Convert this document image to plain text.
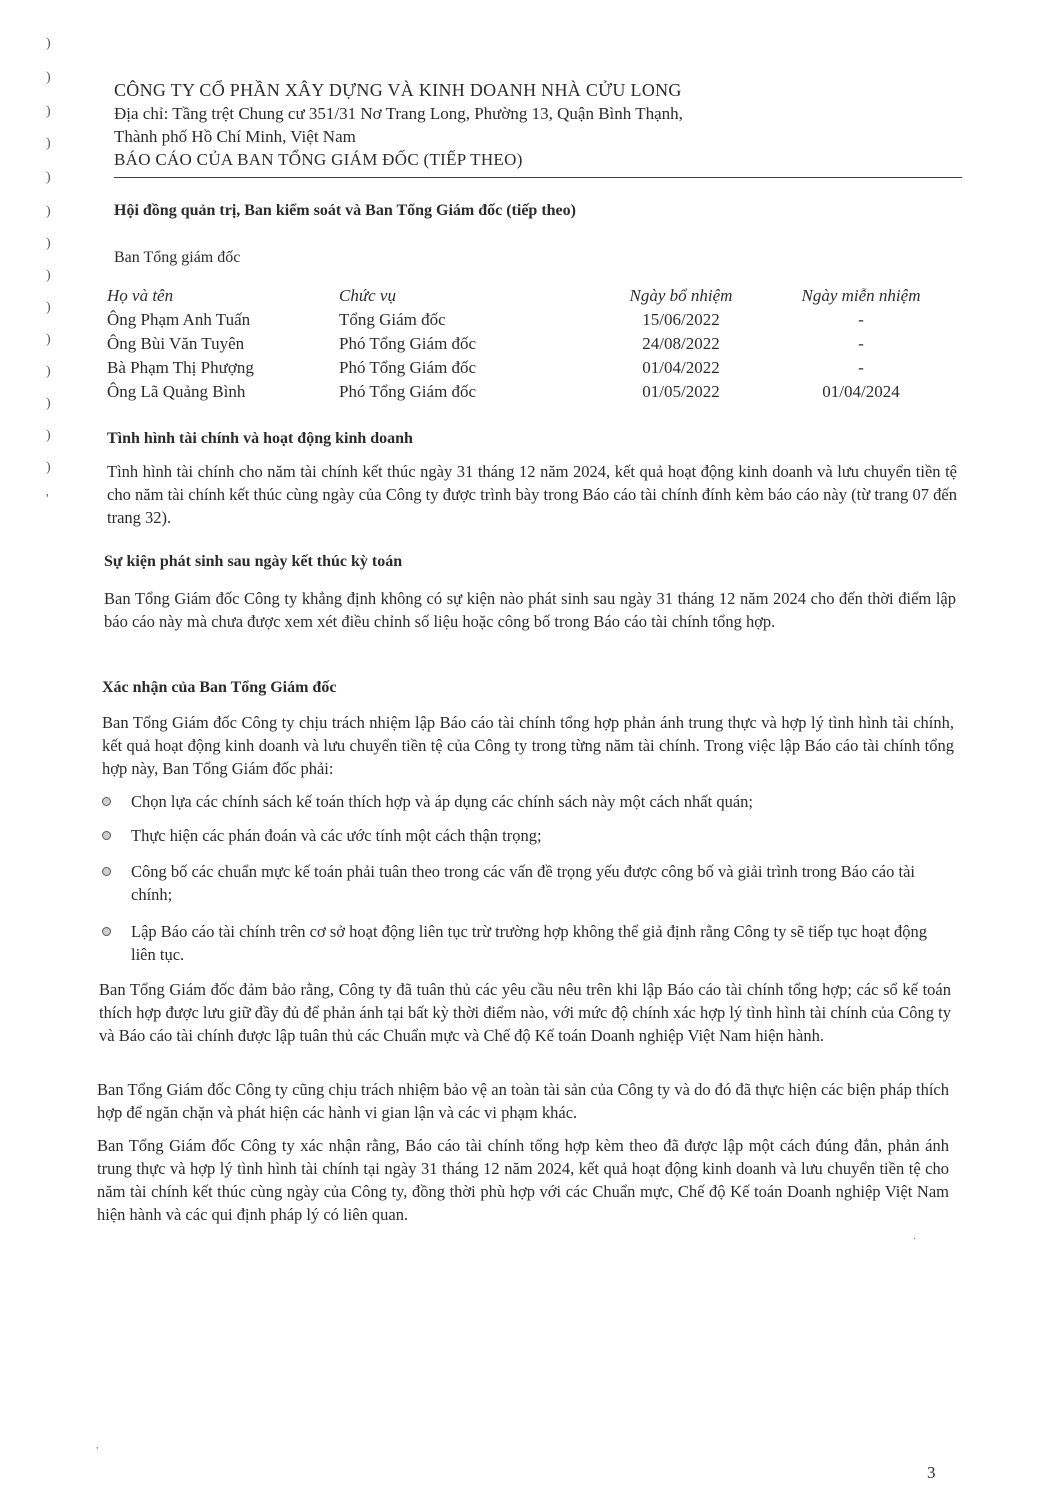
)
)
)
)
)
)
)
)
)
)
)
)
)
)
'
CÔNG TY CỔ PHẦN XÂY DỰNG VÀ KINH DOANH NHÀ CỬU LONG
Địa chỉ: Tầng trệt Chung cư 351/31 Nơ Trang Long, Phường 13, Quận Bình Thạnh,
Thành phố Hồ Chí Minh, Việt Nam
BÁO CÁO CỦA BAN TỔNG GIÁM ĐỐC (TIẾP THEO)
Hội đồng quản trị, Ban kiểm soát và Ban Tổng Giám đốc (tiếp theo)
Ban Tổng giám đốc
Họ và tên	Chức vụ	Ngày bổ nhiệm	Ngày miễn nhiệm
Ông Phạm Anh Tuấn	Tổng Giám đốc	15/06/2022	-
Ông Bùi Văn Tuyên	Phó Tổng Giám đốc	24/08/2022	-
Bà Phạm Thị Phượng	Phó Tổng Giám đốc	01/04/2022	-
Ông Lã Quảng Bình	Phó Tổng Giám đốc	01/05/2022	01/04/2024
Tình hình tài chính và hoạt động kinh doanh
Tình hình tài chính cho năm tài chính kết thúc ngày 31 tháng 12 năm 2024, kết quả hoạt động kinh doanh và lưu chuyển tiền tệ cho năm tài chính kết thúc cùng ngày của Công ty được trình bày trong Báo cáo tài chính đính kèm báo cáo này (từ trang 07 đến trang 32).
Sự kiện phát sinh sau ngày kết thúc kỳ toán
Ban Tổng Giám đốc Công ty khẳng định không có sự kiện nào phát sinh sau ngày 31 tháng 12 năm 2024 cho đến thời điểm lập báo cáo này mà chưa được xem xét điều chỉnh số liệu hoặc công bố trong Báo cáo tài chính tổng hợp.
Xác nhận của Ban Tổng Giám đốc
Ban Tổng Giám đốc Công ty chịu trách nhiệm lập Báo cáo tài chính tổng hợp phản ánh trung thực và hợp lý tình hình tài chính, kết quả hoạt động kinh doanh và lưu chuyển tiền tệ của Công ty trong từng năm tài chính. Trong việc lập Báo cáo tài chính tổng hợp này, Ban Tổng Giám đốc phải:
Chọn lựa các chính sách kế toán thích hợp và áp dụng các chính sách này một cách nhất quán;
Thực hiện các phán đoán và các ước tính một cách thận trọng;
Công bố các chuẩn mực kế toán phải tuân theo trong các vấn đề trọng yếu được công bố và giải trình trong Báo cáo tài chính;
Lập Báo cáo tài chính trên cơ sở hoạt động liên tục trừ trường hợp không thể giả định rằng Công ty sẽ tiếp tục hoạt động liên tục.
Ban Tổng Giám đốc đảm bảo rằng, Công ty đã tuân thủ các yêu cầu nêu trên khi lập Báo cáo tài chính tổng hợp; các sổ kế toán thích hợp được lưu giữ đầy đủ để phản ánh tại bất kỳ thời điểm nào, với mức độ chính xác hợp lý tình hình tài chính của Công ty và Báo cáo tài chính được lập tuân thủ các Chuẩn mực và Chế độ Kế toán Doanh nghiệp Việt Nam hiện hành.
Ban Tổng Giám đốc Công ty cũng chịu trách nhiệm bảo vệ an toàn tài sản của Công ty và do đó đã thực hiện các biện pháp thích hợp để ngăn chặn và phát hiện các hành vi gian lận và các vi phạm khác.
Ban Tổng Giám đốc Công ty xác nhận rằng, Báo cáo tài chính tổng hợp kèm theo đã được lập một cách đúng đắn, phản ánh trung thực và hợp lý tình hình tài chính tại ngày 31 tháng 12 năm 2024, kết quả hoạt động kinh doanh và lưu chuyển tiền tệ cho năm tài chính kết thúc cùng ngày của Công ty, đồng thời phù hợp với các Chuẩn mực, Chế độ Kế toán Doanh nghiệp Việt Nam hiện hành và các qui định pháp lý có liên quan.
·
,
3
